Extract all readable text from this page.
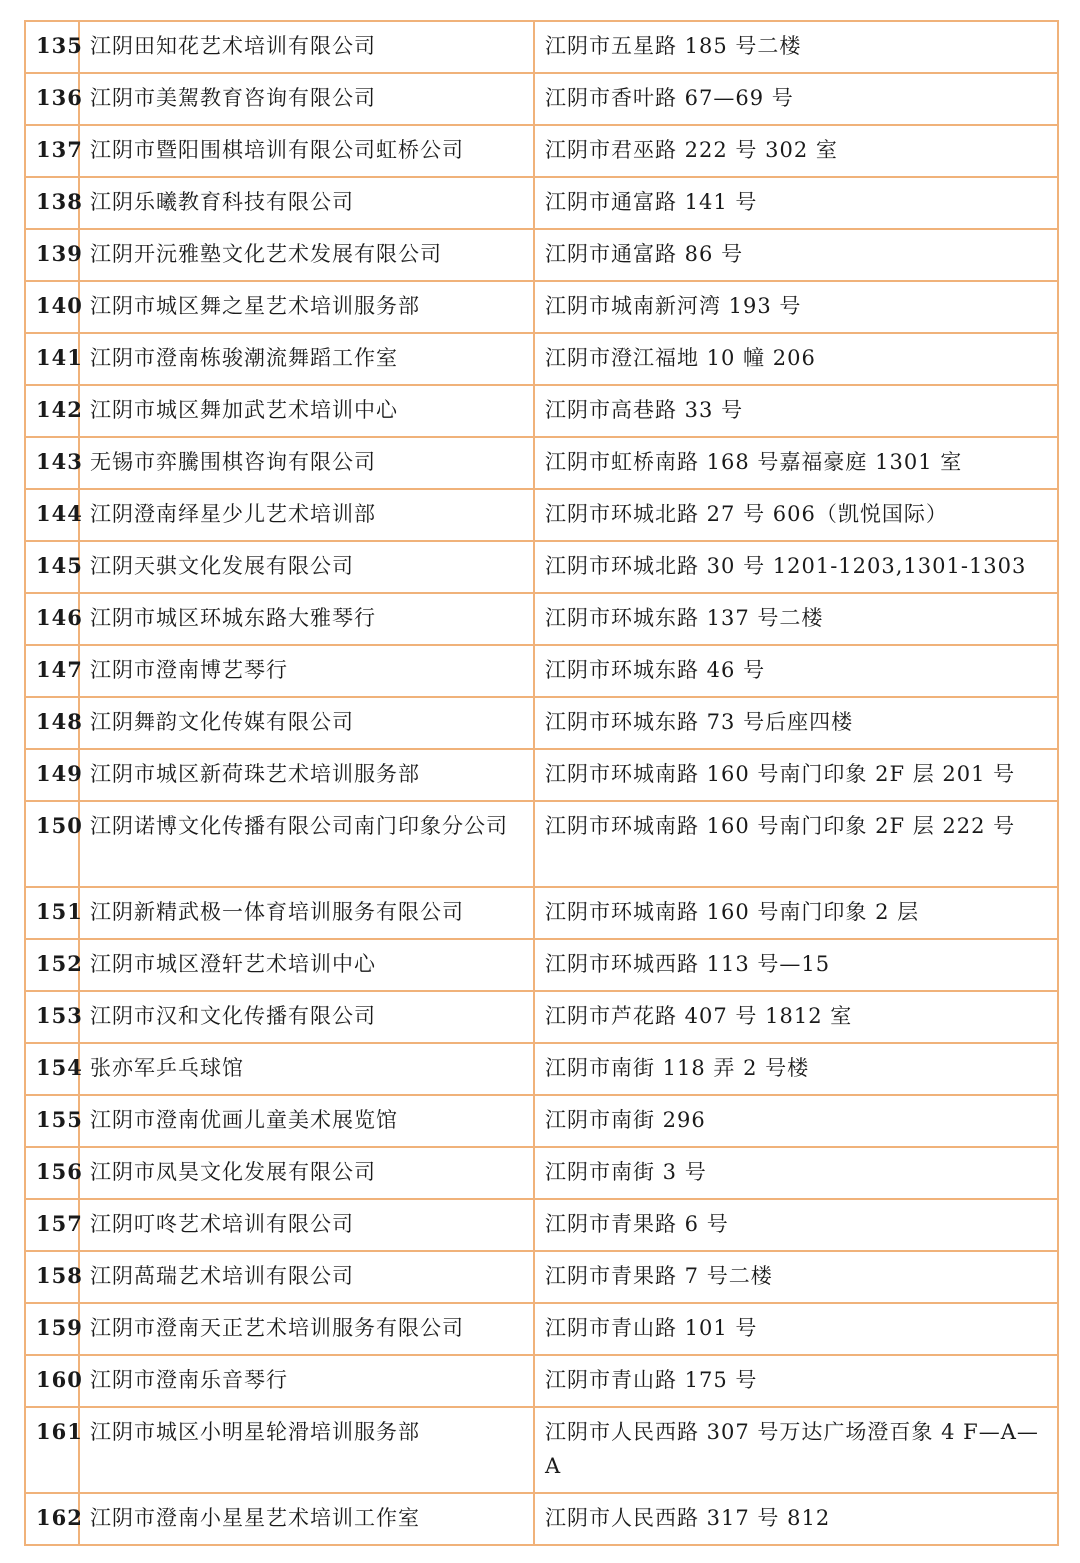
135	江阴田知花艺术培训有限公司	江阴市五星路 185 号二楼
136	江阴市美駕教育咨询有限公司	江阴市香叶路 67—69 号
137	江阴市暨阳围棋培训有限公司虹桥公司	江阴市君巫路 222 号 302 室
138	江阴乐曦教育科技有限公司	江阴市通富路 141 号
139	江阴开沅雅塾文化艺术发展有限公司	江阴市通富路 86 号
140	江阴市城区舞之星艺术培训服务部	江阴市城南新河湾 193 号
141	江阴市澄南栋骏潮流舞蹈工作室	江阴市澄江福地 10 幢 206
142	江阴市城区舞加武艺术培训中心	江阴市高巷路 33 号
143	无锡市弈騰围棋咨询有限公司	江阴市虹桥南路 168 号嘉福豪庭 1301 室
144	江阴澄南绎星少儿艺术培训部	江阴市环城北路 27 号 606（凯悦国际）
145	江阴天骐文化发展有限公司	江阴市环城北路 30 号 1201-1203,1301-1303
146	江阴市城区环城东路大雅琴行	江阴市环城东路 137 号二楼
147	江阴市澄南博艺琴行	江阴市环城东路 46 号
148	江阴舞韵文化传媒有限公司	江阴市环城东路 73 号后座四楼
149	江阴市城区新荷珠艺术培训服务部	江阴市环城南路 160 号南门印象 2F 层 201 号
150	江阴诺博文化传播有限公司南门印象分公司	江阴市环城南路 160 号南门印象 2F 层 222 号
151	江阴新精武极一体育培训服务有限公司	江阴市环城南路 160 号南门印象 2 层
152	江阴市城区澄轩艺术培训中心	江阴市环城西路 113 号—15
153	江阴市汉和文化传播有限公司	江阴市芦花路 407 号 1812 室
154	张亦军乒乓球馆	江阴市南街 118 弄 2 号楼
155	江阴市澄南优画儿童美术展览馆	江阴市南街 296
156	江阴市凤昊文化发展有限公司	江阴市南街 3 号
157	江阴叮咚艺术培训有限公司	江阴市青果路 6 号
158	江阴萵瑞艺术培训有限公司	江阴市青果路 7 号二楼
159	江阴市澄南天正艺术培训服务有限公司	江阴市青山路 101 号
160	江阴市澄南乐音琴行	江阴市青山路 175 号
161	江阴市城区小明星轮滑培训服务部	江阴市人民西路 307 号万达广场澄百象 4 F—A—A
162	江阴市澄南小星星艺术培训工作室	江阴市人民西路 317 号 812
